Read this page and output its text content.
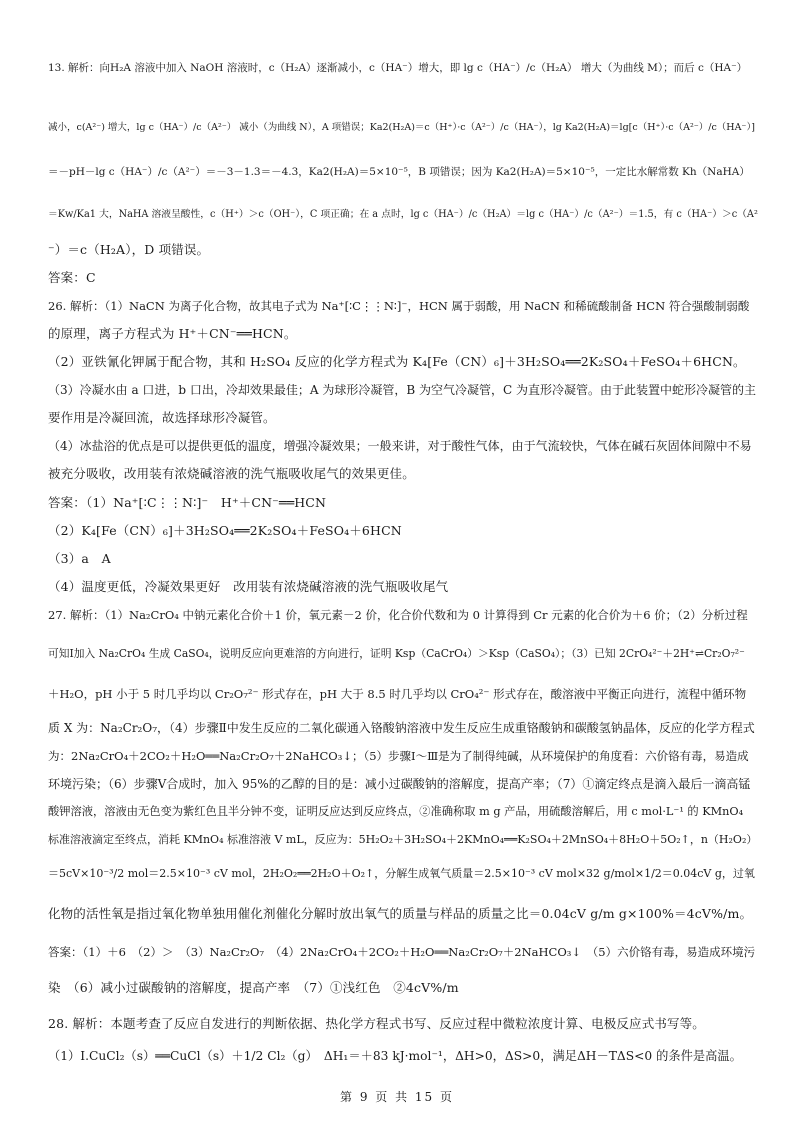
13. 解析：向H₂A 溶液中加入 NaOH 溶液时，c（H₂A）逐渐减小，c（HA⁻）增大，即 lg c（HA⁻）/c（H₂A） 增大（为曲线 M）；而后 c（HA⁻）
减小，c(A²⁻) 增大，lg c（HA⁻）/c（A²⁻） 减小（为曲线 N），A 项错误；Ka2(H₂A)＝c（H⁺）·c（A²⁻）/c（HA⁻），lg Ka2(H₂A)＝lg[c（H⁺）·c（A²⁻）/c（HA⁻）]
＝－pH－lg c（HA⁻）/c（A²⁻）＝－3－1.3＝－4.3，Ka2(H₂A)＝5×10⁻⁵，B 项错误；因为 Ka2(H₂A)＝5×10⁻⁵，一定比水解常数 Kh（NaHA）
＝Kw/Ka1 大，NaHA 溶液呈酸性，c（H⁺）＞c（OH⁻），C 项正确；在 a 点时，lg c（HA⁻）/c（H₂A）＝lg c（HA⁻）/c（A²⁻）＝1.5，有 c（HA⁻）＞c（A²
⁻）＝c（H₂A），D 项错误。
答案：C
26. 解析：（1）NaCN 为离子化合物，故其电子式为 Na⁺[∶C⋮⋮N∶]⁻，HCN 属于弱酸，用 NaCN 和稀硫酸制备 HCN 符合强酸制弱酸
的原理，离子方程式为 H⁺＋CN⁻══HCN。
（2）亚铁氰化钾属于配合物，其和 H₂SO₄ 反应的化学方程式为 K₄[Fe（CN）₆]＋3H₂SO₄══2K₂SO₄＋FeSO₄＋6HCN。
（3）冷凝水由 a 口进，b 口出，冷却效果最佳；A 为球形冷凝管，B 为空气冷凝管，C 为直形冷凝管。由于此装置中蛇形冷凝管的主
要作用是冷凝回流，故选择球形冷凝管。
（4）冰盐浴的优点是可以提供更低的温度，增强冷凝效果；一般来讲，对于酸性气体，由于气流较快，气体在碱石灰固体间隙中不易
被充分吸收，改用装有浓烧碱溶液的洗气瓶吸收尾气的效果更佳。
答案：（1）Na⁺[∶C⋮⋮N∶]⁻　H⁺＋CN⁻══HCN
（2）K₄[Fe（CN）₆]＋3H₂SO₄══2K₂SO₄＋FeSO₄＋6HCN
（3）a　A
（4）温度更低，冷凝效果更好　改用装有浓烧碱溶液的洗气瓶吸收尾气
27. 解析：（1）Na₂CrO₄ 中钠元素化合价＋1 价，氧元素－2 价，化合价代数和为 0 计算得到 Cr 元素的化合价为＋6 价；（2）分析过程
可知Ⅰ加入 Na₂CrO₄ 生成 CaSO₄，说明反应向更难溶的方向进行，证明 Ksp（CaCrO₄）＞Ksp（CaSO₄）；（3）已知 2CrO₄²⁻＋2H⁺⇌Cr₂O₇²⁻
＋H₂O，pH 小于 5 时几乎均以 Cr₂O₇²⁻ 形式存在，pH 大于 8.5 时几乎均以 CrO₄²⁻ 形式存在，酸溶液中平衡正向进行，流程中循环物
质 X 为：Na₂Cr₂O₇，（4）步骤Ⅱ中发生反应的二氧化碳通入铬酸钠溶液中发生反应生成重铬酸钠和碳酸氢钠晶体，反应的化学方程式
为：2Na₂CrO₄＋2CO₂＋H₂O══Na₂Cr₂O₇＋2NaHCO₃↓；（5）步骤Ⅰ～Ⅲ是为了制得纯碱，从环境保护的角度看：六价铬有毒，易造成
环境污染；（6）步骤Ⅴ合成时，加入 95%的乙醇的目的是：减小过碳酸钠的溶解度，提高产率；（7）①滴定终点是滴入最后一滴高锰
酸钾溶液，溶液由无色变为紫红色且半分钟不变，证明反应达到反应终点，②准确称取 m g 产品，用硫酸溶解后，用 c mol·L⁻¹ 的 KMnO₄
标准溶液滴定至终点，消耗 KMnO₄ 标准溶液 V mL，反应为：5H₂O₂＋3H₂SO₄＋2KMnO₄══K₂SO₄＋2MnSO₄＋8H₂O＋5O₂↑，n（H₂O₂）
＝5cV×10⁻³/2 mol＝2.5×10⁻³ cV mol，2H₂O₂══2H₂O＋O₂↑，分解生成氧气质量＝2.5×10⁻³ cV mol×32 g/mol×1/2＝0.04cV g，过氧
化物的活性氧是指过氧化物单独用催化剂催化分解时放出氧气的质量与样品的质量之比＝0.04cV g/m g×100%＝4cV%/m。
答案：（1）＋6　（2）＞　（3）Na₂Cr₂O₇　（4）2Na₂CrO₄＋2CO₂＋H₂O══Na₂Cr₂O₇＋2NaHCO₃↓　（5）六价铬有毒，易造成环境污
染　（6）减小过碳酸钠的溶解度，提高产率　（7）①浅红色　②4cV%/m
28. 解析：本题考查了反应自发进行的判断依据、热化学方程式书写、反应过程中微粒浓度计算、电极反应式书写等。
（1）Ⅰ.CuCl₂（s）══CuCl（s）＋1/2 Cl₂（g）　ΔH₁＝＋83 kJ·mol⁻¹，ΔH>0，ΔS>0，满足ΔH－TΔS<0 的条件是高温。
第 9 页 共 15 页
